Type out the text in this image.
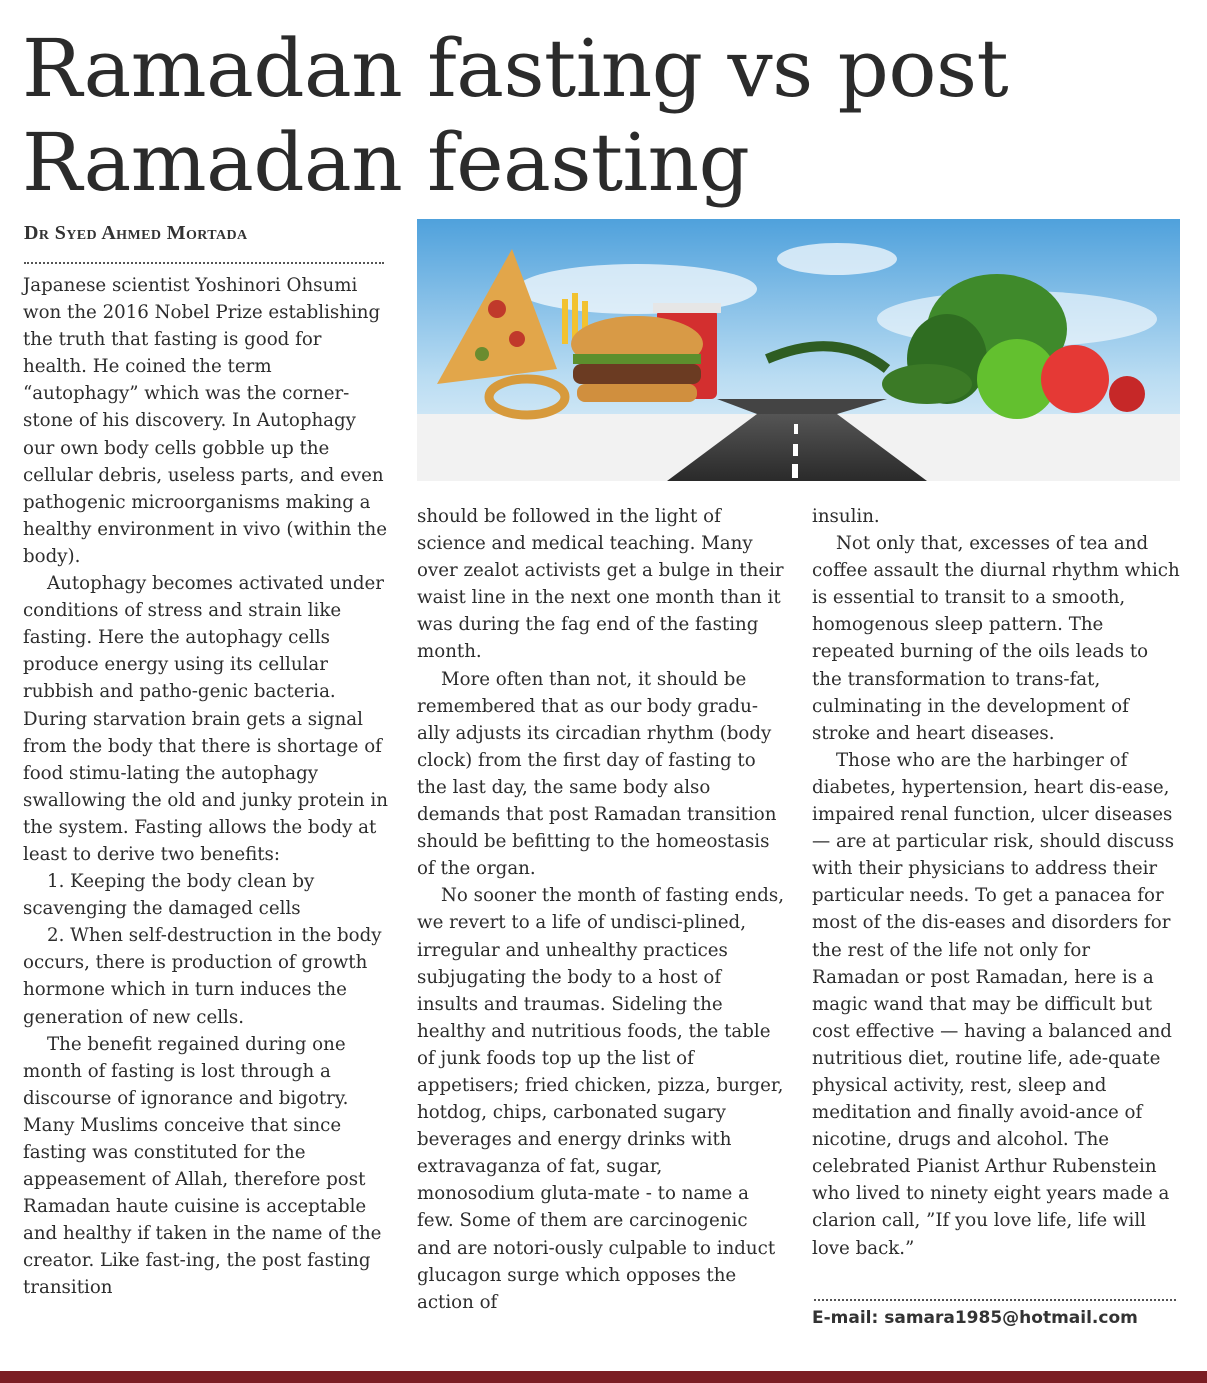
Ramadan fasting vs post
Ramadan feasting
Dr Syed Ahmed Mortada

Japanese scientist Yoshinori Ohsumi won the 2016 Nobel Prize establishing the truth that fasting is good for health. He coined the term “autophagy” which was the corner-stone of his discovery. In Autophagy our own body cells gobble up the cellular debris, useless parts, and even pathogenic microorganisms making a healthy environment in vivo (within the body).

Autophagy becomes activated under conditions of stress and strain like fasting. Here the autophagy cells produce energy using its cellular rubbish and patho-genic bacteria. During starvation brain gets a signal from the body that there is shortage of food stimu-lating the autophagy swallowing the old and junky protein in the system. Fasting allows the body at least to derive two benefits:

1. Keeping the body clean by scavenging the damaged cells

2. When self-destruction in the body occurs, there is production of growth hormone which in turn induces the generation of new cells.

The benefit regained during one month of fasting is lost through a discourse of ignorance and bigotry. Many Muslims conceive that since fasting was constituted for the appeasement of Allah, therefore post Ramadan haute cuisine is acceptable and healthy if taken in the name of the creator. Like fast-ing, the post fasting transition

should be followed in the light of science and medical teaching. Many over zealot activists get a bulge in their waist line in the next one month than it was during the fag end of the fasting month.

More often than not, it should be remembered that as our body gradu-ally adjusts its circadian rhythm (body clock) from the first day of fasting to the last day, the same body also demands that post Ramadan transition should be befitting to the homeostasis of the organ.

No sooner the month of fasting ends, we revert to a life of undisci-plined, irregular and unhealthy practices subjugating the body to a host of insults and traumas. Sideling the healthy and nutritious foods, the table of junk foods top up the list of appetisers; fried chicken, pizza, burger, hotdog, chips, carbonated sugary beverages and energy drinks with extravaganza of fat, sugar, monosodium gluta-mate - to name a few. Some of them are carcinogenic and are notori-ously culpable to induct glucagon surge which opposes the action of

insulin.

Not only that, excesses of tea and coffee assault the diurnal rhythm which is essential to transit to a smooth, homogenous sleep pattern. The repeated burning of the oils leads to the transformation to trans-fat, culminating in the development of stroke and heart diseases.

Those who are the harbinger of diabetes, hypertension, heart dis-ease, impaired renal function, ulcer diseases — are at particular risk, should discuss with their physicians to address their particular needs. To get a panacea for most of the dis-eases and disorders for the rest of the life not only for Ramadan or post Ramadan, here is a magic wand that may be difficult but cost effective — having a balanced and nutritious diet, routine life, ade-quate physical activity, rest, sleep and meditation and finally avoid-ance of nicotine, drugs and alcohol. The celebrated Pianist Arthur Rubenstein who lived to ninety eight years made a clarion call, ”If you love life, life will love back.”

E-mail: samara1985@hotmail.com
